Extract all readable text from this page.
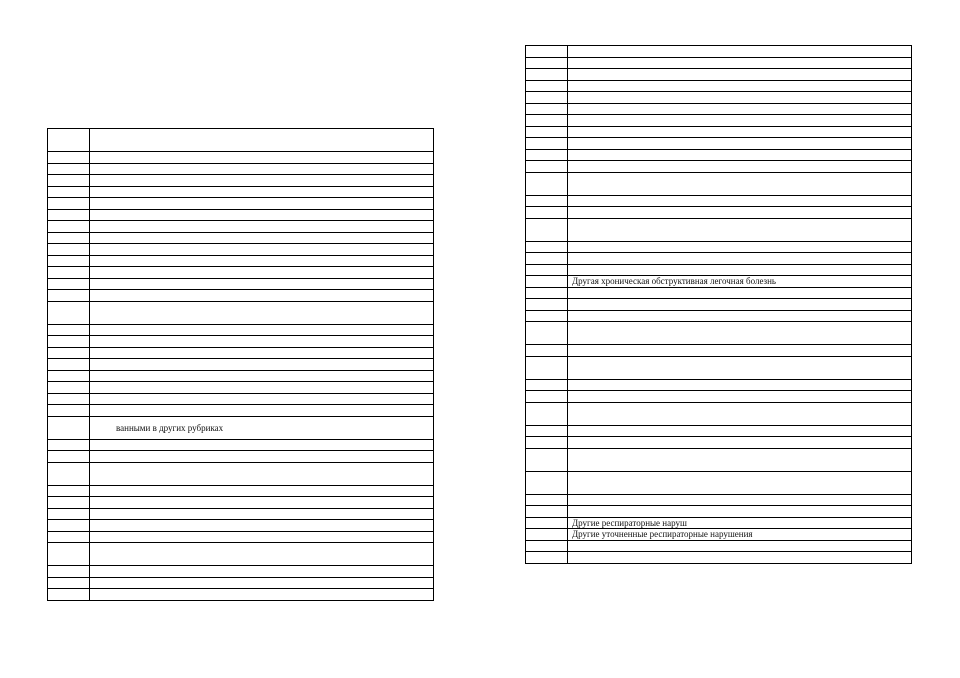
	ванными в других рубриках

	Другая хроническая обструктивная легочная болезнь

	Другие респираторные наруш
	Другие уточненные респираторные нарушения
